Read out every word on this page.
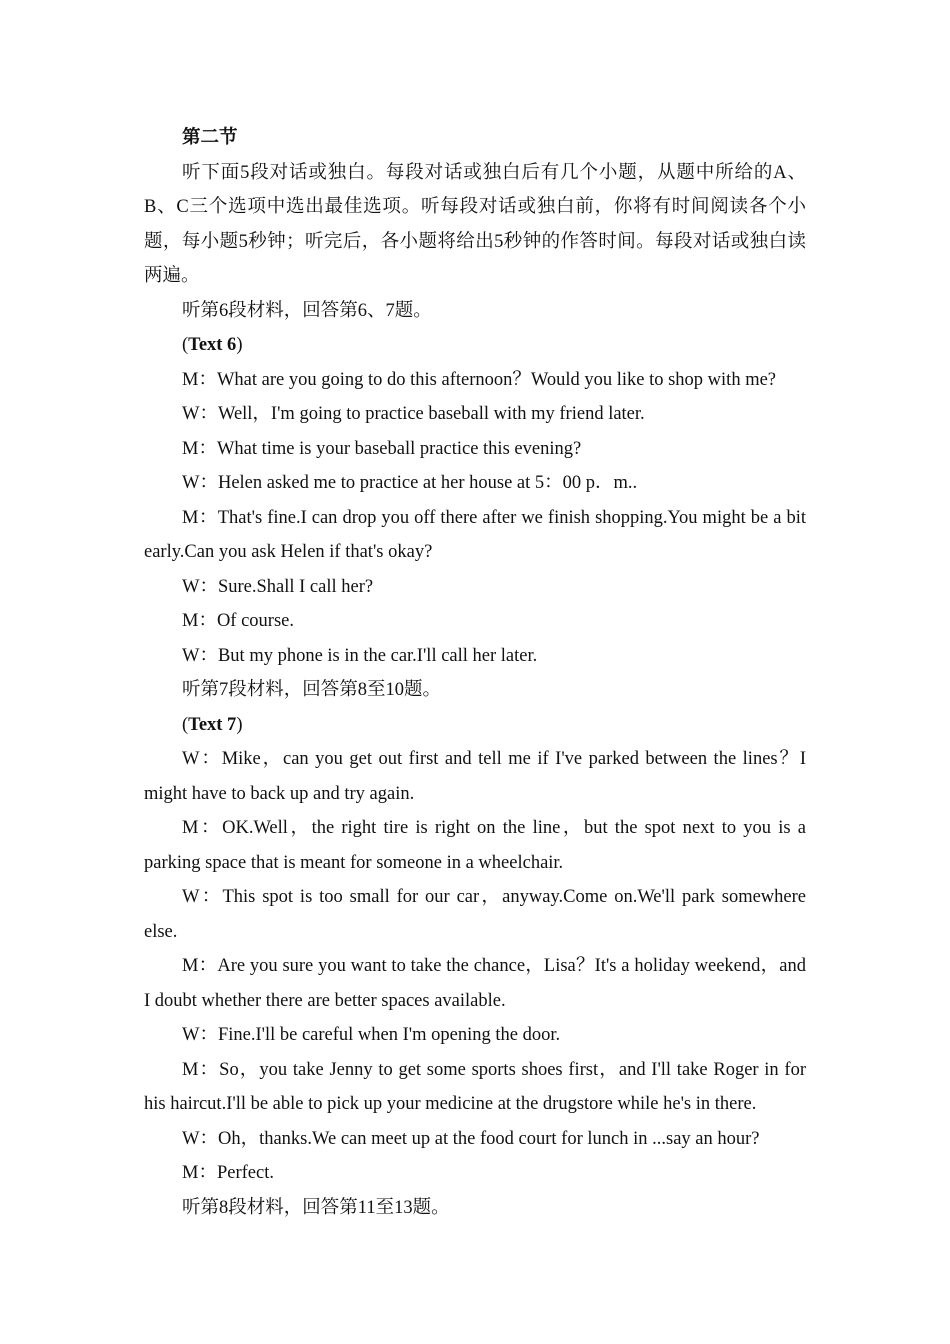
第二节
听下面5段对话或独白。每段对话或独白后有几个小题，从题中所给的A、B、C三个选项中选出最佳选项。听每段对话或独白前，你将有时间阅读各个小题，每小题5秒钟；听完后，各小题将给出5秒钟的作答时间。每段对话或独白读两遍。
听第6段材料，回答第6、7题。
(Text 6)
M：What are you going to do this afternoon？Would you like to shop with me?
W：Well，I'm going to practice baseball with my friend later.
M：What time is your baseball practice this evening?
W：Helen asked me to practice at her house at 5：00 p．m..
M：That's fine.I can drop you off there after we finish shopping.You might be a bit early.Can you ask Helen if that's okay?
W：Sure.Shall I call her?
M：Of course.
W：But my phone is in the car.I'll call her later.
听第7段材料，回答第8至10题。
(Text 7)
W：Mike，can you get out first and tell me if I've parked between the lines？I might have to back up and try again.
M：OK.Well，the right tire is right on the line，but the spot next to you is a parking space that is meant for someone in a wheelchair.
W：This spot is too small for our car，anyway.Come on.We'll park somewhere else.
M：Are you sure you want to take the chance，Lisa？It's a holiday weekend，and I doubt whether there are better spaces available.
W：Fine.I'll be careful when I'm opening the door.
M：So，you take Jenny to get some sports shoes first，and I'll take Roger in for his haircut.I'll be able to pick up your medicine at the drugstore while he's in there.
W：Oh，thanks.We can meet up at the food court for lunch in ...say an hour?
M：Perfect.
听第8段材料，回答第11至13题。
